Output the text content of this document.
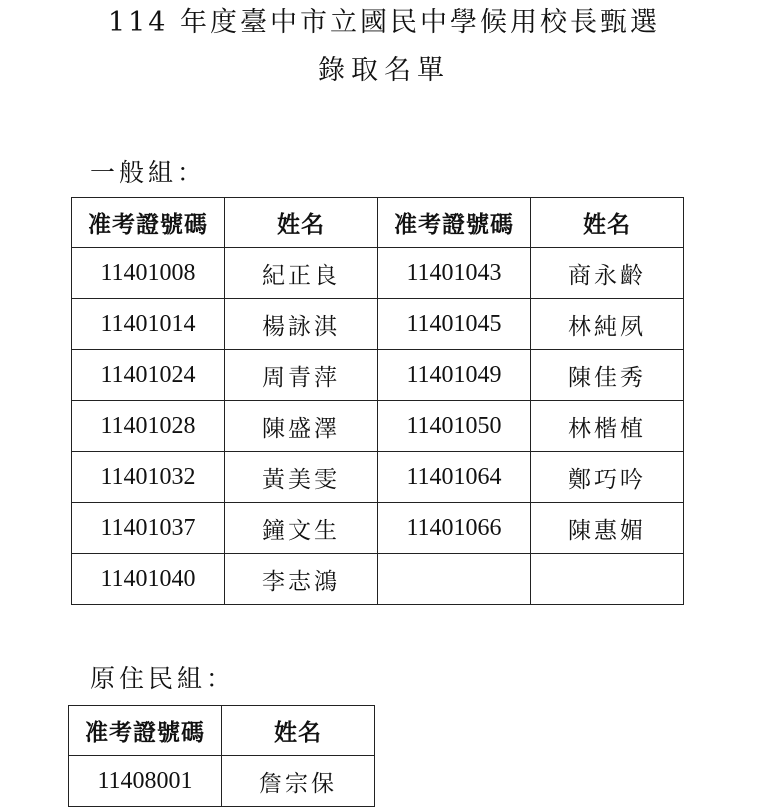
114 年度臺中市立國民中學候用校長甄選
錄取名單
一般組：
准考證號碼	姓名	准考證號碼	姓名
11401008	紀正良	11401043	商永齡
11401014	楊詠淇	11401045	林純夙
11401024	周青萍	11401049	陳佳秀
11401028	陳盛澤	11401050	林楷植
11401032	黃美雯	11401064	鄭巧吟
11401037	鐘文生	11401066	陳惠媚
11401040	李志鴻		
原住民組：
准考證號碼	姓名
11408001	詹宗保
